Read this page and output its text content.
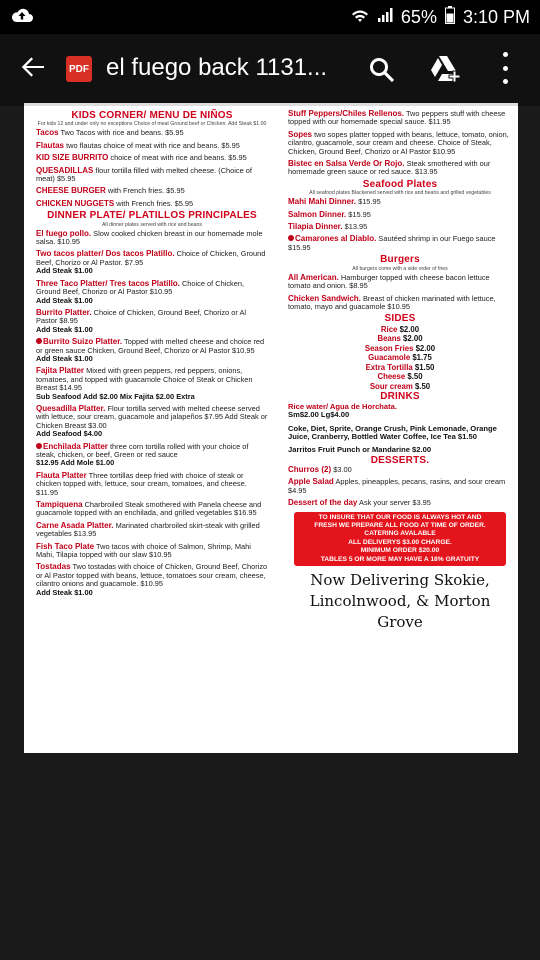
65% 3:10 PM
PDF el fuego back 1131...
KIDS CORNER/ MENU DE NIÑOS
For kids 12 and under only no exceptions Choice of meat Ground beef or Chicken. Add Steak $1.00
Tacos Two Tacos with rice and beans. $5.95
Flautas two flautas choice of meat with rice and beans. $5.95
KID SIZE BURRITO choice of meat with rice and beans. $5.95
QUESADILLAS flour tortilla filled with melted cheese. (Choice of meat) $5.95
CHEESE BURGER with French fries. $5.95
CHICKEN NUGGETS with French fries. $5.95
DINNER PLATE/ PLATILLOS PRINCIPALES
All dinner plates served with rice and beans
El fuego pollo. Slow cooked chicken breast in our homemade mole salsa. $10.95
Two tacos platter/ Dos tacos Platillo. Choice of Chicken, Ground Beef, Chorizo or Al Pastor. $7.95
Add Steak $1.00
Three Taco Platter/ Tres tacos Platillo. Choice of Chicken, Ground Beef, Chorizo or Al Pastor $10.95
Add Steak $1.00
Burrito Platter. Choice of Chicken, Ground Beef, Chorizo or Al Pastor $8.95
Add Steak $1.00
Burrito Suizo Platter. Topped with melted cheese and choice red or green sauce Chicken, Ground Beef, Chorizo or Al Pastor $10.95
Add Steak $1.00
Fajita Platter Mixed with green peppers, red peppers, onions, tomatoes, and topped with guacamole Choice of Steak or Chicken Breast $14.95
Sub Seafood Add $2.00 Mix Fajita $2.00 Extra
Quesadilla Platter. Flour tortilla served with melted cheese served with lettuce, sour cream, guacamole and jalapeños $7.95 Add Steak or Chicken Breast $3.00
Add Seafood $4.00
Enchilada Platter three corn tortilla rolled with your choice of steak, chicken, or beef, Green or red sauce
$12.95 Add Mole $1.00
Flauta Platter Three tortillas deep fried with choice of steak or chicken topped with, lettuce, sour cream, tomatoes, and cheese. $11.95
Tampiquena Charbroiled Steak smothered with Panela cheese and guacamole topped with an enchilada, and grilled vegetables $16.95
Carne Asada Platter. Marinated charbroiled skirt-steak with grilled vegetables $13.95
Fish Taco Plate Two tacos with choice of Salmon, Shrimp, Mahi Mahi, Tilapia topped with our slaw $10.95
Tostadas Two tostadas with choice of Chicken, Ground Beef, Chorizo or Al Pastor topped with beans, lettuce, tomatoes sour cream, cheese, cilantro onions and guacamole. $10.95
Add Steak $1.00
Stuff Peppers/Chiles Rellenos. Two peppers stuff with cheese topped with our homemade special sauce. $11.95
Sopes two sopes platter topped with beans, lettuce, tomato, onion, cilantro, guacamole, sour cream and cheese. Choice of Steak, Chicken, Ground Beef, Chorizo or Al Pastor $10.95
Bistec en Salsa Verde Or Rojo. Steak smothered with our homemade green sauce or red sauce. $13.95
Seafood Plates
All seafood plates Blackened served with rice and beans and grilled vegetables
Mahi Mahi Dinner. $15.95
Salmon Dinner. $15.95
Tilapia Dinner. $13.95
Camarones al Diablo. Sautéed shrimp in our Fuego sauce $15.95
Burgers
All burgers come with a side order of fries
All American. Hamburger topped with cheese bacon lettuce tomato and onion. $8.95
Chicken Sandwich. Breast of chicken marinated with lettuce, tomato, mayo and guacamole $10.95
SIDES
Rice $2.00
Beans $2.00
Season Fries $2.00
Guacamole $1.75
Extra Tortilla $1.50
Cheese $.50
Sour cream $.50
DRINKS
Rice water/ Agua de Horchata.
Sm$2.00 Lg$4.00
Coke, Diet, Sprite, Orange Crush, Pink Lemonade, Orange Juice, Cranberry, Bottled Water Coffee, Ice Tea $1.50
Jarritos Fruit Punch or Mandarine $2.00
DESSERTS.
Churros (2) $3.00
Apple Salad Apples, pineapples, pecans, rasins, and sour cream $4.95
Dessert of the day Ask your server $3.95
TO INSURE THAT OUR FOOD IS ALWAYS HOT AND
FRESH WE PREPARE ALL FOOD AT TIME OF ORDER.
CATERING AVALABLE
ALL DELIVERYS $3.00 CHARGE.
MINIMUM ORDER $20.00
TABLES 5 OR MORE MAY HAVE A 18% GRATUITY
Now Delivering Skokie,
Lincolnwood, & Morton Grove
